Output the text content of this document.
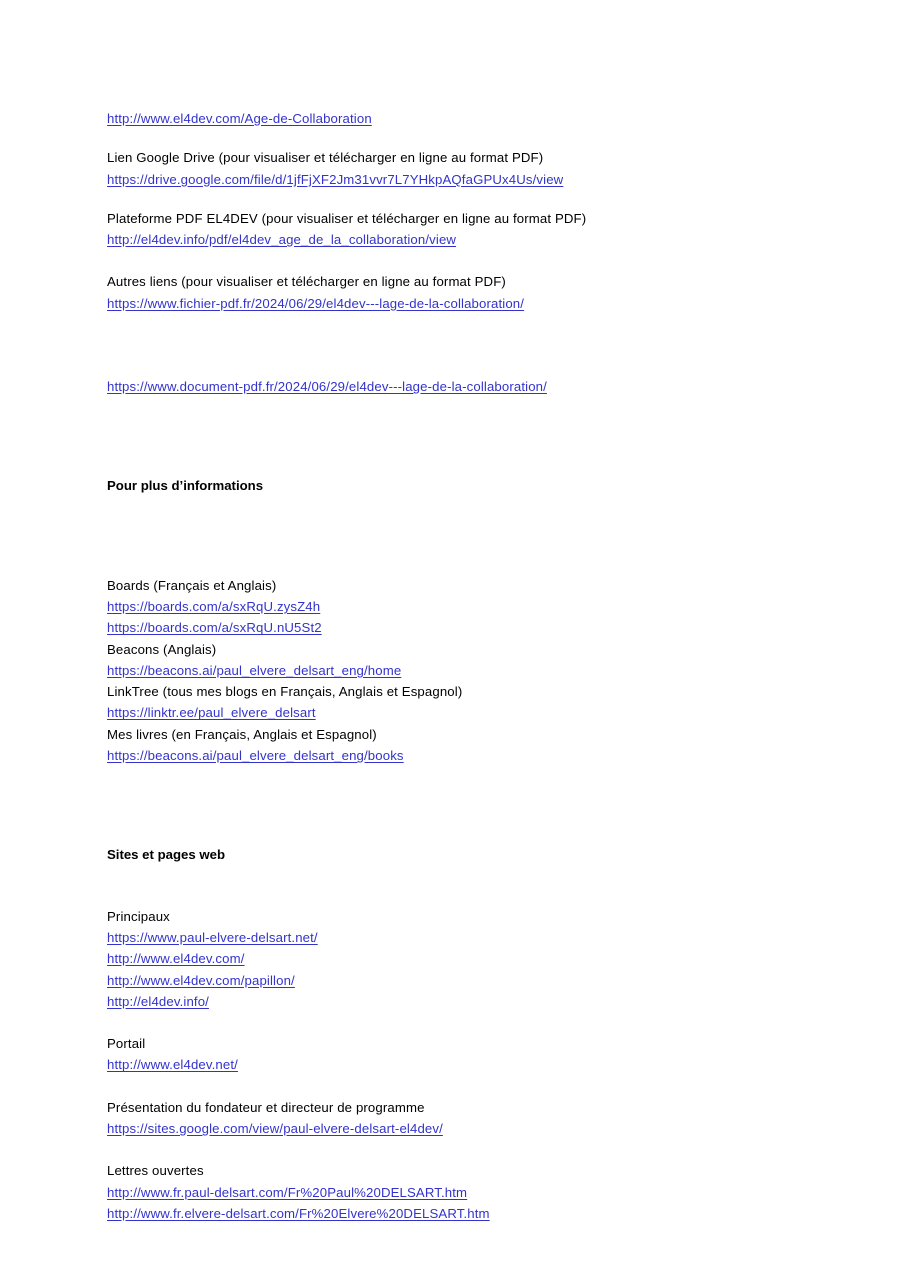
http://www.el4dev.com/Age-de-Collaboration
Lien Google Drive (pour visualiser et télécharger en ligne au format PDF)
https://drive.google.com/file/d/1jfFjXF2Jm31vvr7L7YHkpAQfaGPUx4Us/view
Plateforme PDF EL4DEV (pour visualiser et télécharger en ligne au format PDF)
http://el4dev.info/pdf/el4dev_age_de_la_collaboration/view
Autres liens (pour visualiser et télécharger en ligne au format PDF)
https://www.fichier-pdf.fr/2024/06/29/el4dev---lage-de-la-collaboration/
https://www.document-pdf.fr/2024/06/29/el4dev---lage-de-la-collaboration/
Pour plus d’informations
Boards (Français et Anglais)
https://boards.com/a/sxRqU.zysZ4h
https://boards.com/a/sxRqU.nU5St2
Beacons (Anglais)
https://beacons.ai/paul_elvere_delsart_eng/home
LinkTree (tous mes blogs en Français, Anglais et Espagnol)
https://linktr.ee/paul_elvere_delsart
Mes livres (en Français, Anglais et Espagnol)
https://beacons.ai/paul_elvere_delsart_eng/books
Sites et pages web
Principaux
https://www.paul-elvere-delsart.net/
http://www.el4dev.com/
http://www.el4dev.com/papillon/
http://el4dev.info/
Portail
http://www.el4dev.net/
Présentation du fondateur et directeur de programme
https://sites.google.com/view/paul-elvere-delsart-el4dev/
Lettres ouvertes
http://www.fr.paul-delsart.com/Fr%20Paul%20DELSART.htm
http://www.fr.elvere-delsart.com/Fr%20Elvere%20DELSART.htm
